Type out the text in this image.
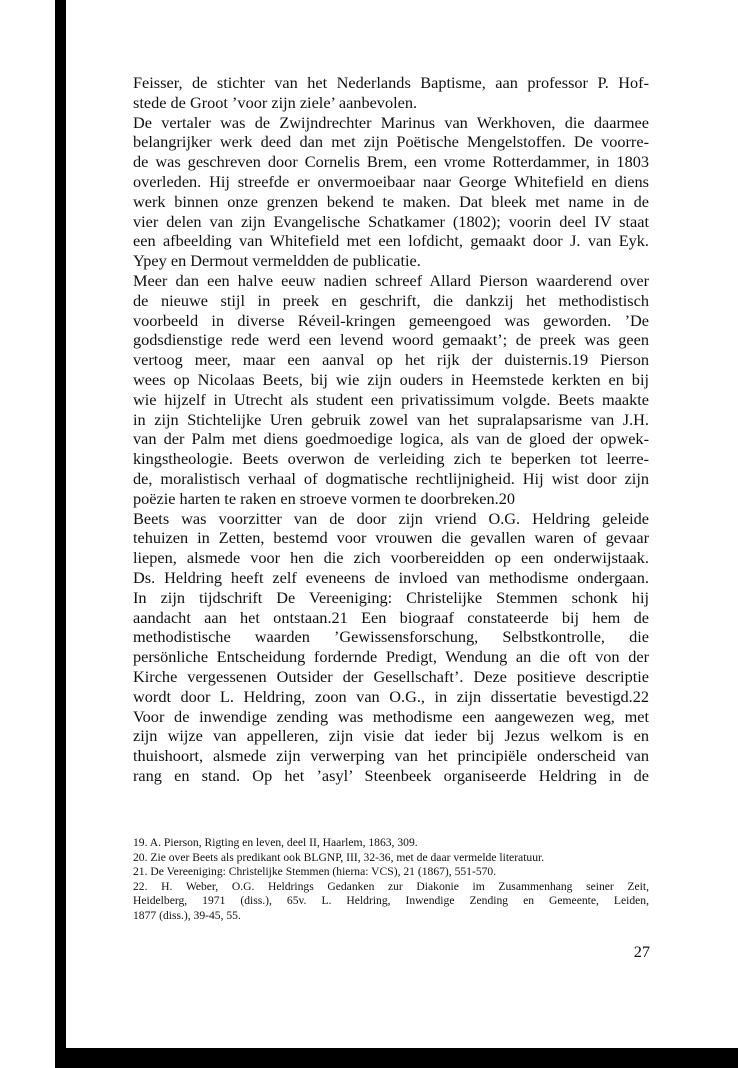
Feisser, de stichter van het Nederlands Baptisme, aan professor P. Hof-
stede de Groot ’voor zijn ziele’ aanbevolen.
De vertaler was de Zwijndrechter Marinus van Werkhoven, die daarmee
belangrijker werk deed dan met zijn Poëtische Mengelstoffen. De voorre-
de was geschreven door Cornelis Brem, een vrome Rotterdammer, in 1803
overleden. Hij streefde er onvermoeibaar naar George Whitefield en diens
werk binnen onze grenzen bekend te maken. Dat bleek met name in de
vier delen van zijn Evangelische Schatkamer (1802); voorin deel IV staat
een afbeelding van Whitefield met een lofdicht, gemaakt door J. van Eyk.
Ypey en Dermout vermeldden de publicatie.
Meer dan een halve eeuw nadien schreef Allard Pierson waarderend over
de nieuwe stijl in preek en geschrift, die dankzij het methodistisch
voorbeeld in diverse Réveil-kringen gemeengoed was geworden. ’De
godsdienstige rede werd een levend woord gemaakt’; de preek was geen
vertoog meer, maar een aanval op het rijk der duisternis.19 Pierson
wees op Nicolaas Beets, bij wie zijn ouders in Heemstede kerkten en bij
wie hijzelf in Utrecht als student een privatissimum volgde. Beets maakte
in zijn Stichtelijke Uren gebruik zowel van het supralapsarisme van J.H.
van der Palm met diens goedmoedige logica, als van de gloed der opwek-
kingstheologie. Beets overwon de verleiding zich te beperken tot leerre-
de, moralistisch verhaal of dogmatische rechtlijnigheid. Hij wist door zijn
poëzie harten te raken en stroeve vormen te doorbreken.20
Beets was voorzitter van de door zijn vriend O.G. Heldring geleide
tehuizen in Zetten, bestemd voor vrouwen die gevallen waren of gevaar
liepen, alsmede voor hen die zich voorbereidden op een onderwijstaak.
Ds. Heldring heeft zelf eveneens de invloed van methodisme ondergaan.
In zijn tijdschrift De Vereeniging: Christelijke Stemmen schonk hij
aandacht aan het ontstaan.21 Een biograaf constateerde bij hem de
methodistische waarden ’Gewissensforschung, Selbstkontrolle, die
persönliche Entscheidung fordernde Predigt, Wendung an die oft von der
Kirche vergessenen Outsider der Gesellschaft’. Deze positieve descriptie
wordt door L. Heldring, zoon van O.G., in zijn dissertatie bevestigd.22
Voor de inwendige zending was methodisme een aangewezen weg, met
zijn wijze van appelleren, zijn visie dat ieder bij Jezus welkom is en
thuishoort, alsmede zijn verwerping van het principiële onderscheid van
rang en stand. Op het ’asyl’ Steenbeek organiseerde Heldring in de
19. A. Pierson, Rigting en leven, deel II, Haarlem, 1863, 309.
20. Zie over Beets als predikant ook BLGNP, III, 32-36, met de daar vermelde literatuur.
21. De Vereeniging: Christelijke Stemmen (hierna: VCS), 21 (1867), 551-570.
22. H. Weber, O.G. Heldrings Gedanken zur Diakonie im Zusammenhang seiner Zeit,
Heidelberg, 1971 (diss.), 65v. L. Heldring, Inwendige Zending en Gemeente, Leiden,
1877 (diss.), 39-45, 55.
27
